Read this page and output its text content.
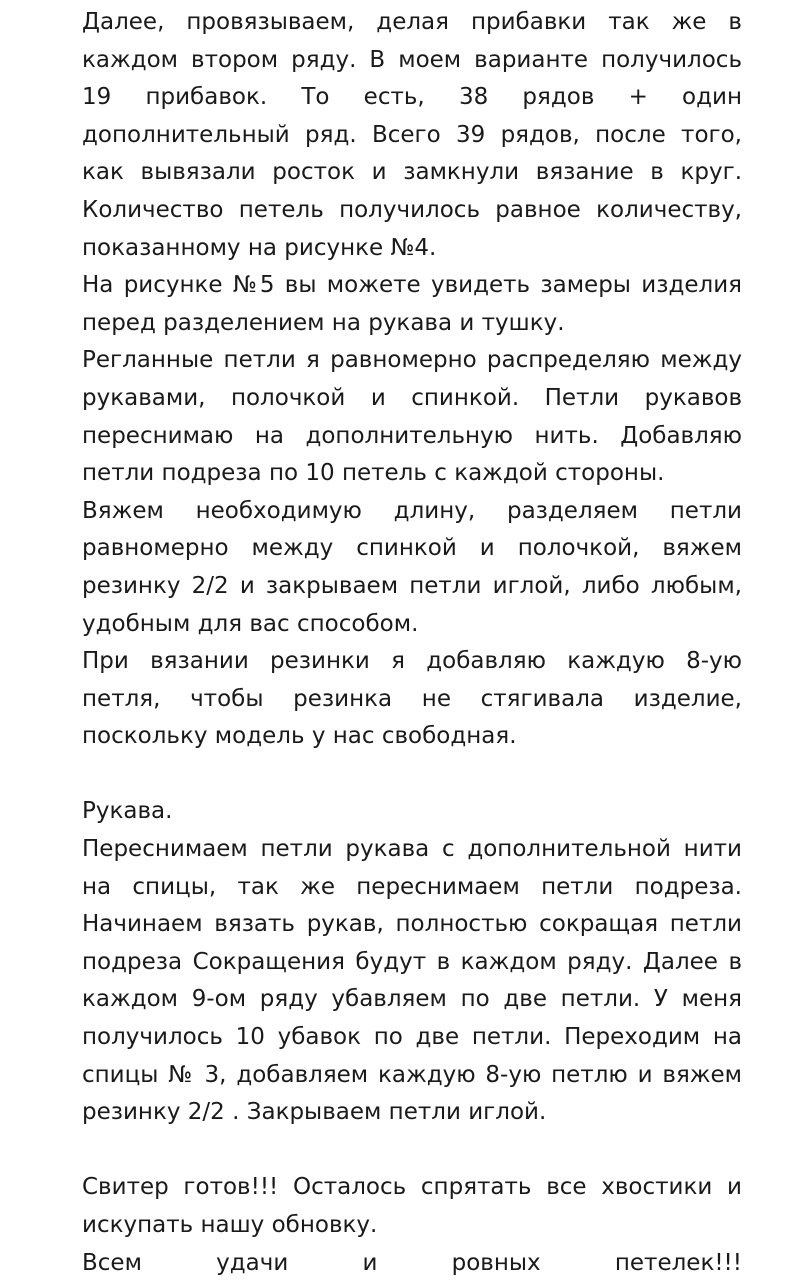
Далее, провязываем, делая прибавки так же в каждом втором ряду. В моем варианте получилось 19 прибавок. То есть, 38 рядов + один дополнительный ряд. Всего 39 рядов, после того, как вывязали росток и замкнули вязание в круг. Количество петель получилось равное количеству, показанному на рисунке №4.

На рисунке №5 вы можете увидеть замеры изделия перед разделением на рукава и тушку.

Регланные петли я равномерно распределяю между рукавами, полочкой и спинкой. Петли рукавов переснимаю на дополнительную нить. Добавляю петли подреза по 10 петель с каждой стороны.

Вяжем необходимую длину, разделяем петли равномерно между спинкой и полочкой, вяжем резинку 2/2 и закрываем петли иглой, либо любым, удобным для вас способом.

При вязании резинки я добавляю каждую 8-ую петля, чтобы резинка не стягивала изделие, поскольку модель у нас свободная.

Рукава.

Переснимаем петли рукава с дополнительной нити на спицы, так же переснимаем петли подреза. Начинаем вязать рукав, полностью сокращая петли подреза Сокращения будут в каждом ряду. Далее в каждом 9-ом ряду убавляем по две петли. У меня получилось 10 убавок по две петли. Переходим на спицы № 3, добавляем каждую 8-ую петлю и вяжем резинку 2/2 . Закрываем петли иглой.

Свитер готов!!! Осталось спрятать все хвостики и искупать нашу обновку.

Всем удачи и ровных петелек!!!
